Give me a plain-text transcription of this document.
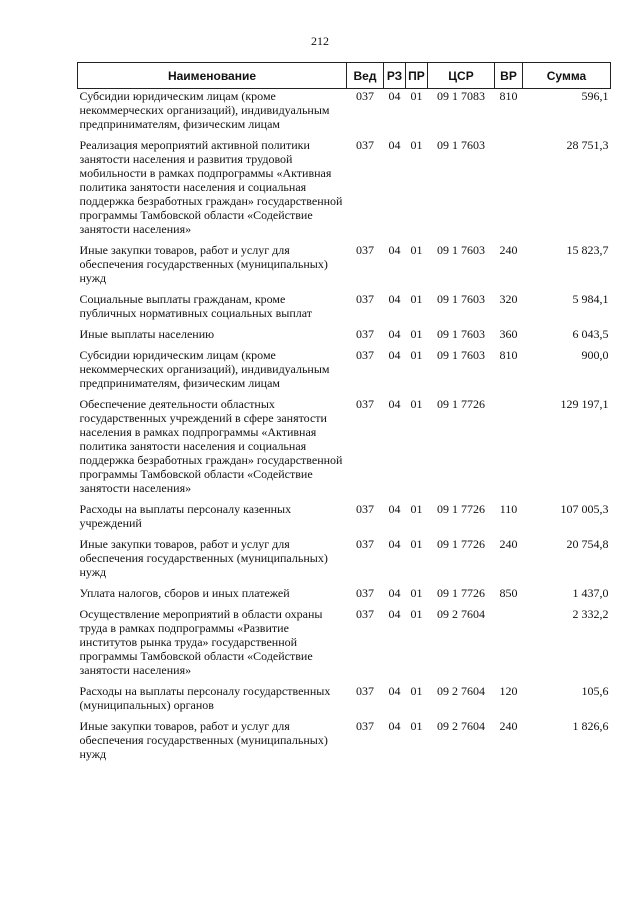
212
Наименование	Вед	РЗ	ПР	ЦСР	ВР	Сумма
Субсидии юридическим лицам (кроме некоммерческих организаций), индивидуальным предпринимателям, физическим лицам	037	04	01	09 1 7083	810	596,1
Реализация мероприятий активной политики занятости населения и развития трудовой мобильности в рамках подпрограммы «Активная политика занятости населения и социальная поддержка безработных граждан» государственной программы Тамбовской области «Содействие занятости населения»	037	04	01	09 1 7603		28 751,3
Иные закупки товаров, работ и услуг для обеспечения государственных (муниципальных) нужд	037	04	01	09 1 7603	240	15 823,7
Социальные выплаты гражданам, кроме публичных нормативных социальных выплат	037	04	01	09 1 7603	320	5 984,1
Иные выплаты населению	037	04	01	09 1 7603	360	6 043,5
Субсидии юридическим лицам (кроме некоммерческих организаций), индивидуальным предпринимателям, физическим лицам	037	04	01	09 1 7603	810	900,0
Обеспечение деятельности областных государственных учреждений в сфере занятости населения в рамках подпрограммы «Активная политика занятости населения и социальная поддержка безработных граждан» государственной программы Тамбовской области «Содействие занятости населения»	037	04	01	09 1 7726		129 197,1
Расходы на выплаты персоналу казенных учреждений	037	04	01	09 1 7726	110	107 005,3
Иные закупки товаров, работ и услуг для обеспечения государственных (муниципальных) нужд	037	04	01	09 1 7726	240	20 754,8
Уплата налогов, сборов и иных платежей	037	04	01	09 1 7726	850	1 437,0
Осуществление мероприятий в области охраны труда в рамках подпрограммы «Развитие институтов рынка труда» государственной программы Тамбовской области «Содействие занятости населения»	037	04	01	09 2 7604		2 332,2
Расходы на выплаты персоналу государственных (муниципальных) органов	037	04	01	09 2 7604	120	105,6
Иные закупки товаров, работ и услуг для обеспечения государственных (муниципальных) нужд	037	04	01	09 2 7604	240	1 826,6
